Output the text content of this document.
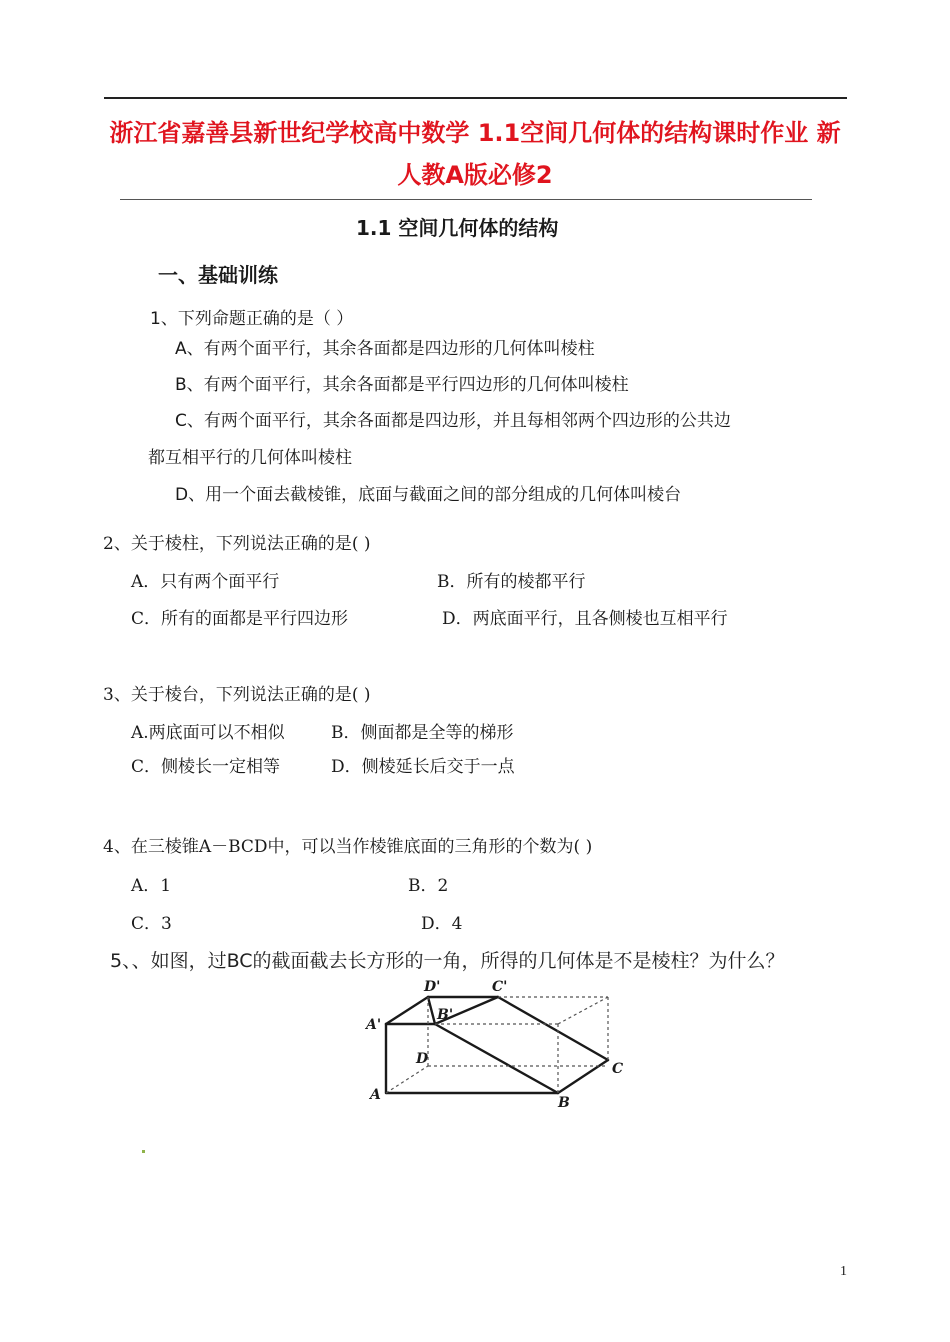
浙江省嘉善县新世纪学校高中数学 1.1空间几何体的结构课时作业 新人教A版必修2
1.1 空间几何体的结构
一、基础训练
1、下列命题正确的是（ ）
A、有两个面平行，其余各面都是四边形的几何体叫棱柱
B、有两个面平行，其余各面都是平行四边形的几何体叫棱柱
C、有两个面平行，其余各面都是四边形，并且每相邻两个四边形的公共边
都互相平行的几何体叫棱柱
D、用一个面去截棱锥，底面与截面之间的部分组成的几何体叫棱台
2、关于棱柱，下列说法正确的是( )
A．只有两个面平行	B．所有的棱都平行
C．所有的面都是平行四边形	D．两底面平行，且各侧棱也互相平行
3、关于棱台，下列说法正确的是( )
A.两底面可以不相似	B．侧面都是全等的梯形
C．侧棱长一定相等	D．侧棱延长后交于一点
4、在三棱锥A－BCD中，可以当作棱锥底面的三角形的个数为( )
A．1	B．2
C．3	D．4
5、、如图，过BC的截面截去长方形的一角，所得的几何体是不是棱柱？为什么？
D'	C'
A'
B'
D
C
A	B
1
